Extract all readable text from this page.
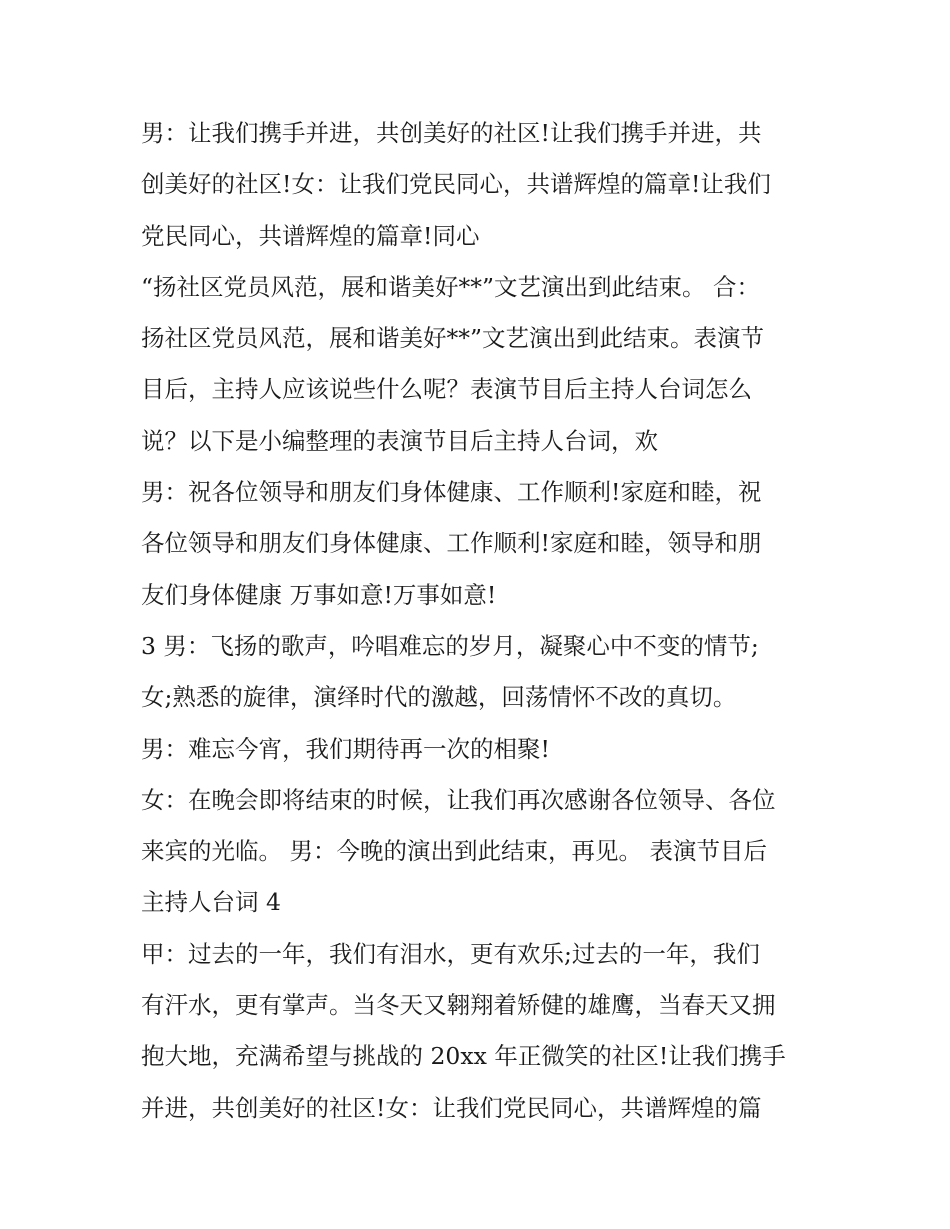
男：让我们携手并进，共创美好的社区!让我们携手并进，共
创美好的社区!女：让我们党民同心，共谱辉煌的篇章!让我们
党民同心，共谱辉煌的篇章!同心
“扬社区党员风范，展和谐美好**”文艺演出到此结束。 合：
扬社区党员风范，展和谐美好**”文艺演出到此结束。表演节
目后，主持人应该说些什么呢？表演节目后主持人台词怎么
说？以下是小编整理的表演节目后主持人台词，欢
男：祝各位领导和朋友们身体健康、工作顺利!家庭和睦，祝
各位领导和朋友们身体健康、工作顺利!家庭和睦，领导和朋
友们身体健康 万事如意!万事如意!
3 男：飞扬的歌声，吟唱难忘的岁月，凝聚心中不变的情节;
女;熟悉的旋律，演绎时代的激越，回荡情怀不改的真切。
男：难忘今宵，我们期待再一次的相聚!
女：在晚会即将结束的时候，让我们再次感谢各位领导、各位
来宾的光临。 男：今晚的演出到此结束，再见。 表演节目后
主持人台词 4
甲：过去的一年，我们有泪水，更有欢乐;过去的一年，我们
有汗水，更有掌声。当冬天又翱翔着矫健的雄鹰，当春天又拥
抱大地，充满希望与挑战的 20xx 年正微笑的社区!让我们携手
并进，共创美好的社区!女：让我们党民同心，共谱辉煌的篇
